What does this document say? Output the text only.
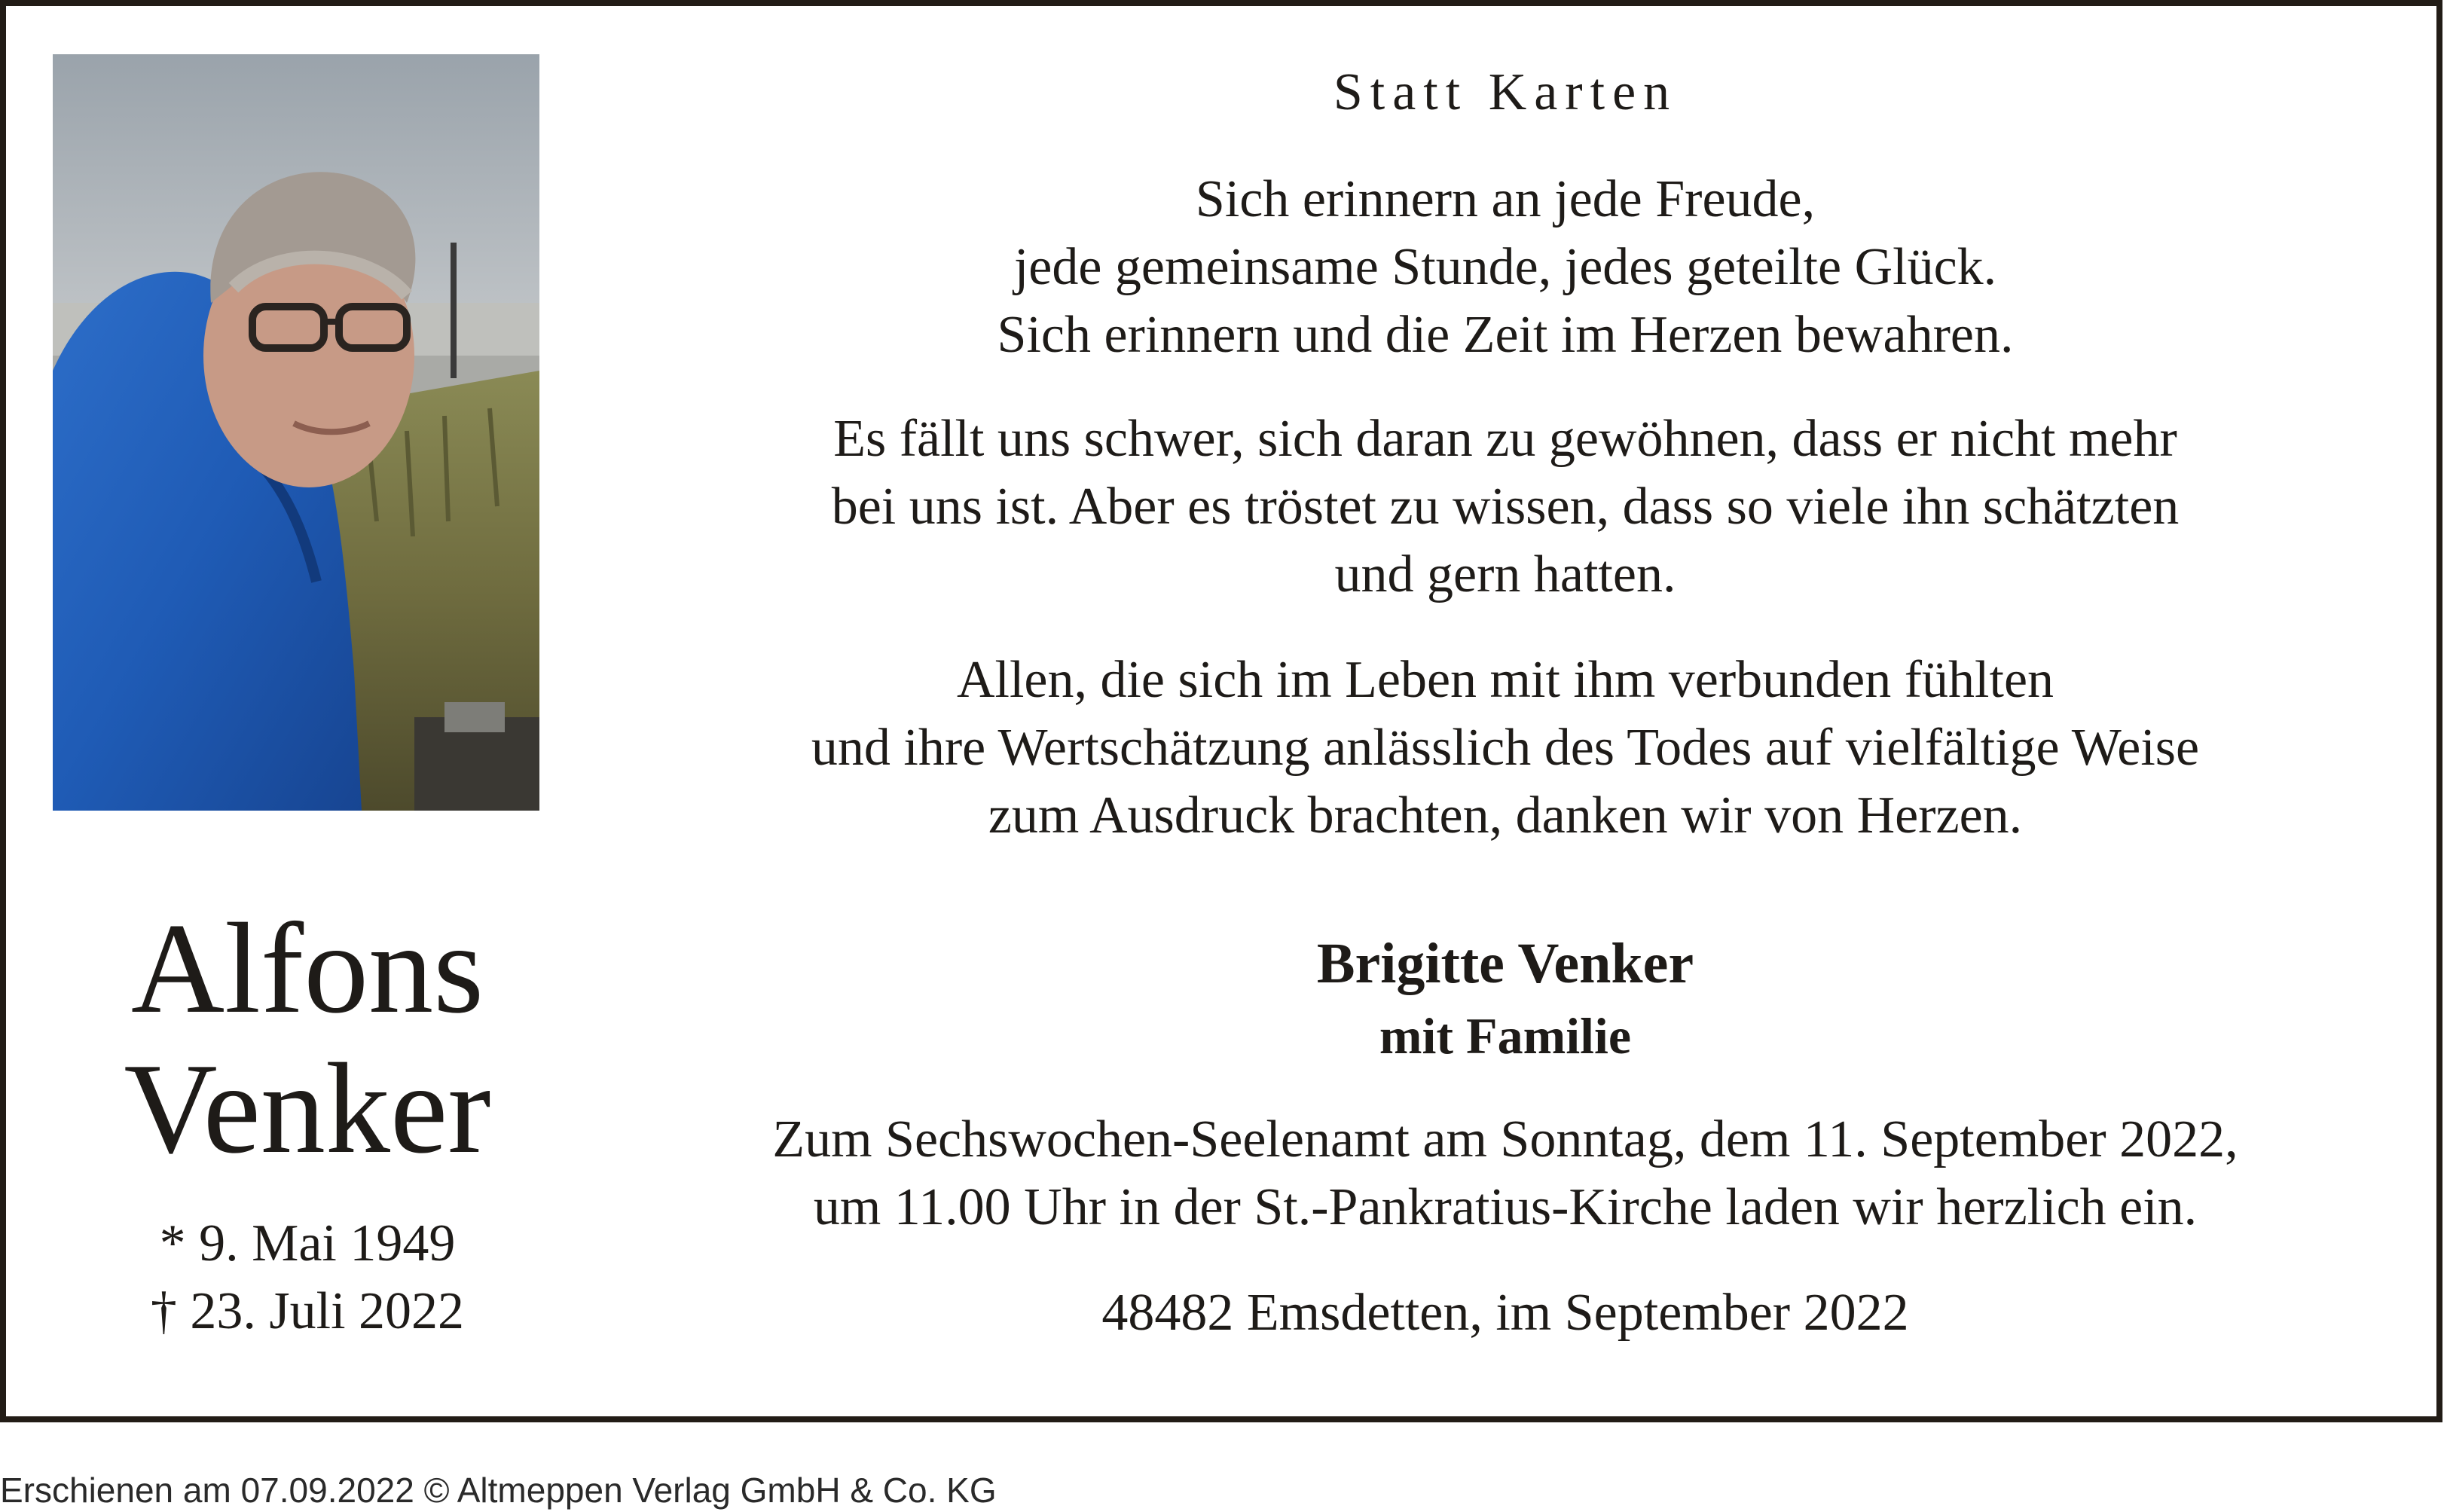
Alfons
Venker
* 9. Mai 1949
† 23. Juli 2022
Statt Karten
Sich erinnern an jede Freude,
jede gemeinsame Stunde, jedes geteilte Glück.
Sich erinnern und die Zeit im Herzen bewahren.
Es fällt uns schwer, sich daran zu gewöhnen, dass er nicht mehr
bei uns ist. Aber es tröstet zu wissen, dass so viele ihn schätzten
und gern hatten.
Allen, die sich im Leben mit ihm verbunden fühlten
und ihre Wertschätzung anlässlich des Todes auf vielfältige Weise
zum Ausdruck brachten, danken wir von Herzen.
Brigitte Venker
mit Familie
Zum Sechswochen-Seelenamt am Sonntag, dem 11. September 2022,
um 11.00 Uhr in der St.-Pankratius-Kirche laden wir herzlich ein.
48482 Emsdetten, im September 2022
Erschienen am 07.09.2022 © Altmeppen Verlag GmbH & Co. KG
